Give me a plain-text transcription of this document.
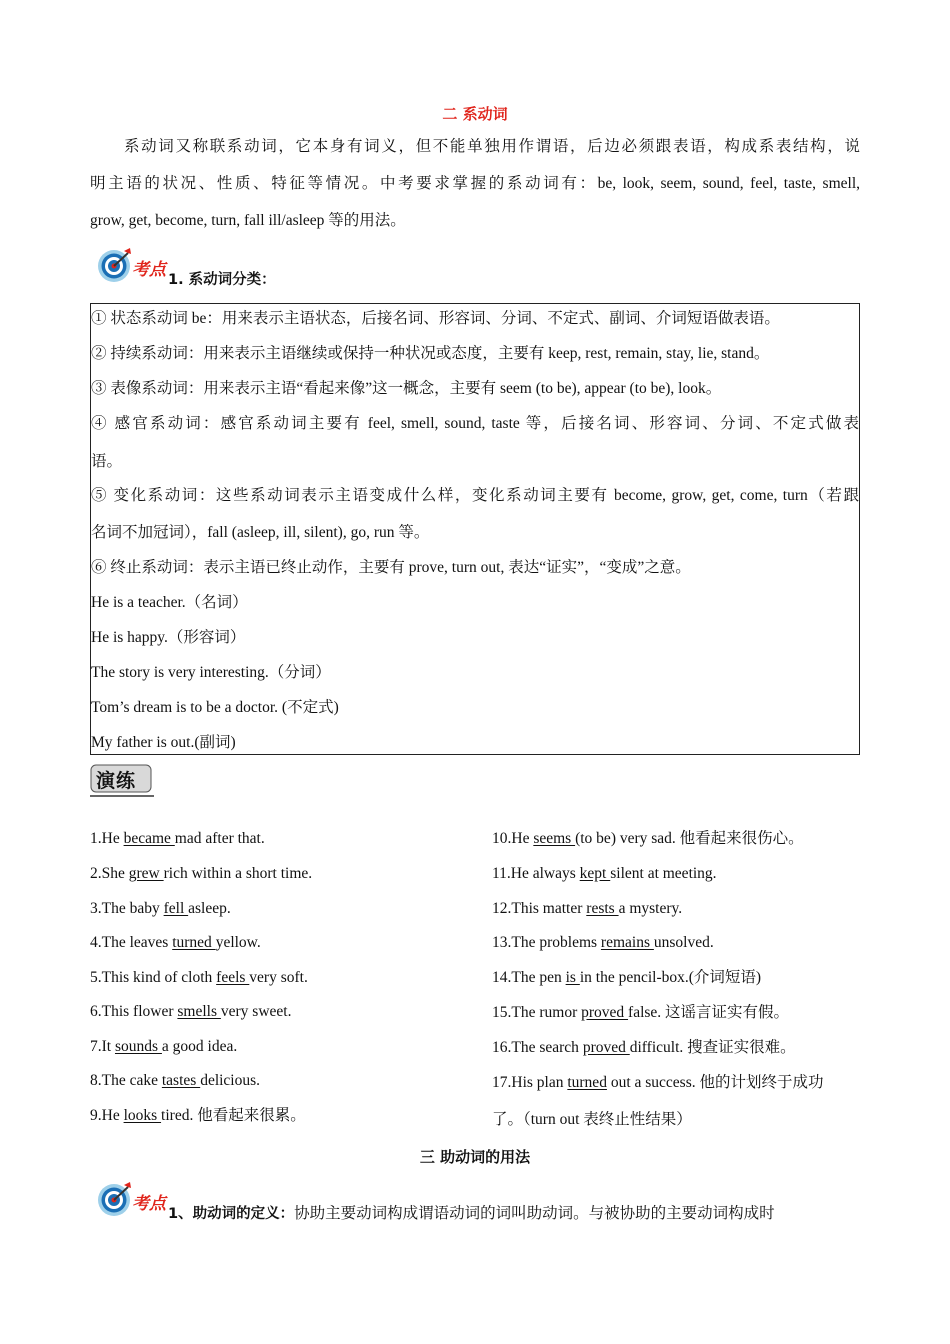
二 系动词
系动词又称联系动词，它本身有词义，但不能单独用作谓语，后边必须跟表语，构成系表结构，说
明主语的状况、性质、特征等情况。中考要求掌握的系动词有：be, look, seem, sound, feel, taste, smell,
grow, get, become, turn, fall ill/asleep 等的用法。
考点 1. 系动词分类：
① 状态系动词 be：用来表示主语状态，后接名词、形容词、分词、不定式、副词、介词短语做表语。
② 持续系动词：用来表示主语继续或保持一种状况或态度，主要有 keep, rest, remain, stay, lie, stand。
③ 表像系动词：用来表示主语“看起来像”这一概念，主要有 seem (to be), appear (to be), look。
④ 感官系动词：感官系动词主要有 feel, smell, sound, taste 等，后接名词、形容词、分词、不定式做表
语。
⑤ 变化系动词：这些系动词表示主语变成什么样，变化系动词主要有 become, grow, get, come, turn（若跟
名词不加冠词），fall (asleep, ill, silent), go, run 等。
⑥ 终止系动词：表示主语已终止动作，主要有 prove, turn out, 表达“证实”，“变成”之意。
He is a teacher.（名词）
He is happy.（形容词）
The story is very interesting.（分词）
Tom’s dream is to be a doctor. (不定式)
My father is out.(副词)
演练
1.He became mad after that.
2.She grew rich within a short time.
3.The baby fell asleep.
4.The leaves turned yellow.
5.This kind of cloth feels very soft.
6.This flower smells very sweet.
7.It sounds a good idea.
8.The cake tastes delicious.
9.He looks tired. 他看起来很累。
10.He seems (to be) very sad. 他看起来很伤心。
11.He always kept silent at meeting.
12.This matter rests a mystery.
13.The problems remains unsolved.
14.The pen is in the pencil-box.(介词短语)
15.The rumor proved false. 这谣言证实有假。
16.The search proved difficult. 搜查证实很难。
17.His plan turned out a success. 他的计划终于成功
了。（turn out 表终止性结果）
三 助动词的用法
考点 1、助动词的定义：协助主要动词构成谓语动词的词叫助动词。与被协助的主要动词构成时
